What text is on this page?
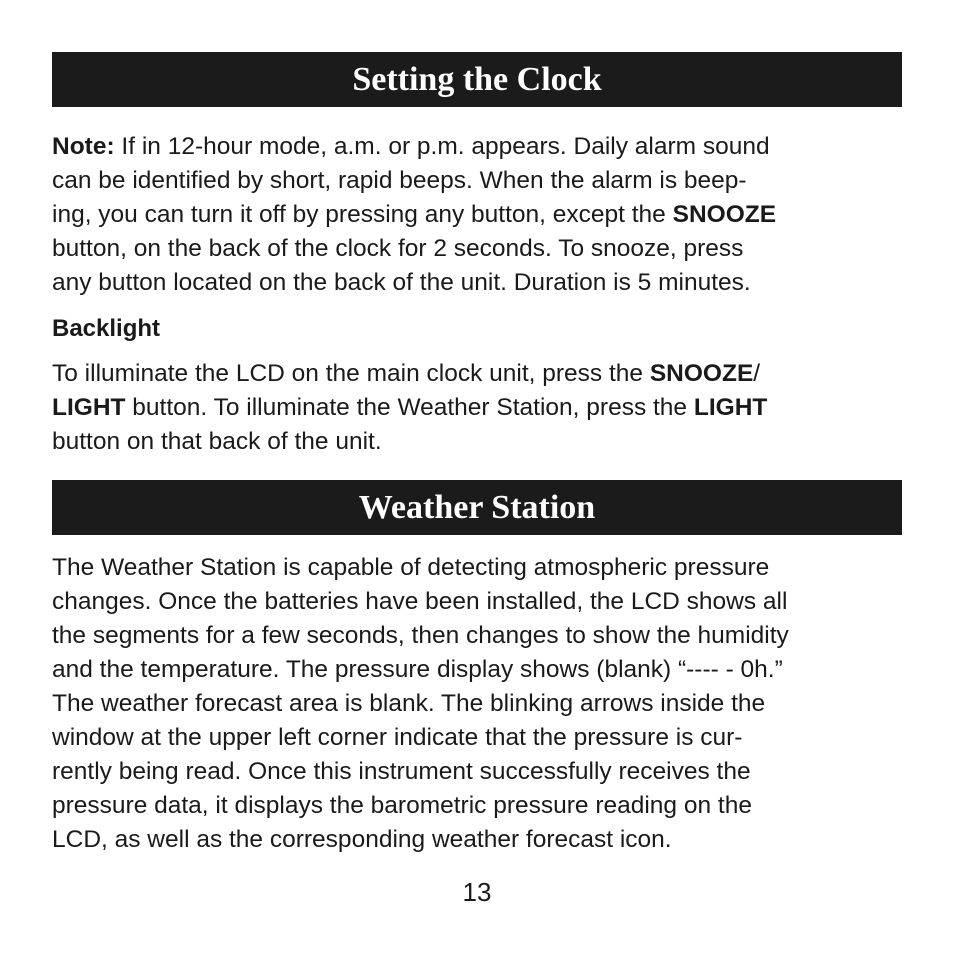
Setting the Clock
Note: If in 12-hour mode, a.m. or p.m. appears. Daily alarm sound
can be identified by short, rapid beeps. When the alarm is beep-
ing, you can turn it off by pressing any button, except the SNOOZE
button, on the back of the clock for 2 seconds. To snooze, press
any button located on the back of the unit. Duration is 5 minutes.
Backlight
To illuminate the LCD on the main clock unit, press the SNOOZE/
LIGHT button. To illuminate the Weather Station, press the LIGHT
button on that back of the unit.
Weather Station
The Weather Station is capable of detecting atmospheric pressure
changes. Once the batteries have been installed, the LCD shows all
the segments for a few seconds, then changes to show the humidity
and the temperature. The pressure display shows (blank) “---- - 0h.”
The weather forecast area is blank. The blinking arrows inside the
window at the upper left corner indicate that the pressure is cur-
rently being read. Once this instrument successfully receives the
pressure data, it displays the barometric pressure reading on the
LCD, as well as the corresponding weather forecast icon.
13
